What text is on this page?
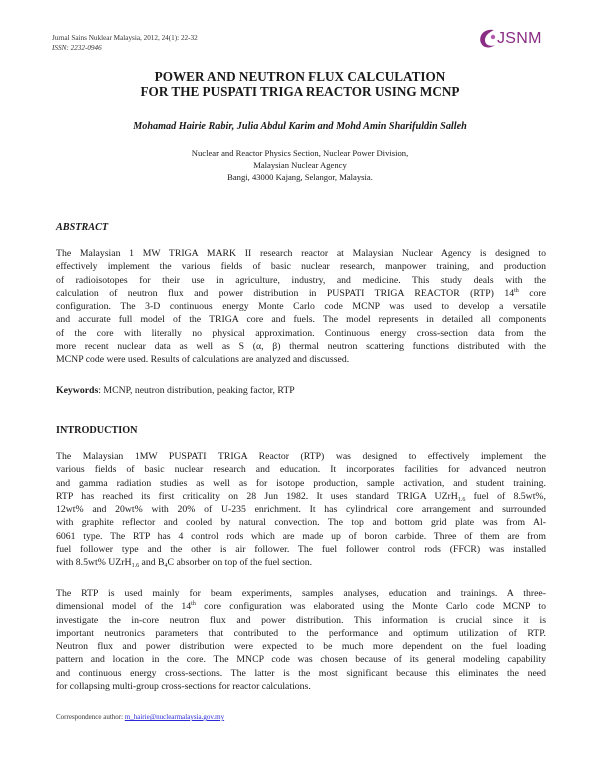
Jurnal Sains Nuklear Malaysia, 2012, 24(1): 22-32
ISSN: 2232-0946
JSNM
POWER AND NEUTRON FLUX CALCULATION
FOR THE PUSPATI TRIGA REACTOR USING MCNP
Mohamad Hairie Rabir, Julia Abdul Karim and Mohd Amin Sharifuldin Salleh
Nuclear and Reactor Physics Section, Nuclear Power Division,
Malaysian Nuclear Agency
Bangi, 43000 Kajang, Selangor, Malaysia.
ABSTRACT
The Malaysian 1 MW TRIGA MARK II research reactor at Malaysian Nuclear Agency is designed to
effectively implement the various fields of basic nuclear research, manpower training, and production
of radioisotopes for their use in agriculture, industry, and medicine. This study deals with the
calculation of neutron flux and power distribution in PUSPATI TRIGA REACTOR (RTP) 14th core
configuration. The 3-D continuous energy Monte Carlo code MCNP was used to develop a versatile
and accurate full model of the TRIGA core and fuels. The model represents in detailed all components
of the core with literally no physical approximation. Continuous energy cross-section data from the
more recent nuclear data as well as S (α, β) thermal neutron scattering functions distributed with the
MCNP code were used. Results of calculations are analyzed and discussed.
Keywords: MCNP, neutron distribution, peaking factor, RTP
INTRODUCTION
The Malaysian 1MW PUSPATI TRIGA Reactor (RTP) was designed to effectively implement the
various fields of basic nuclear research and education. It incorporates facilities for advanced neutron
and gamma radiation studies as well as for isotope production, sample activation, and student training.
RTP has reached its first criticality on 28 Jun 1982. It uses standard TRIGA UZrH$_{1.6}$ fuel of 8.5wt%,
12wt% and 20wt% with 20% of U-235 enrichment. It has cylindrical core arrangement and surrounded
with graphite reflector and cooled by natural convection. The top and bottom grid plate was from Al-
6061 type. The RTP has 4 control rods which are made up of boron carbide. Three of them are from
fuel follower type and the other is air follower. The fuel follower control rods (FFCR) was installed
with 8.5wt% UZrH$_{1.6}$ and $B_4C$ absorber on top of the fuel section.
The RTP is used mainly for beam experiments, samples analyses, education and trainings. A three-
dimensional model of the 14th core configuration was elaborated using the Monte Carlo code MCNP to
investigate the in-core neutron flux and power distribution. This information is crucial since it is
important neutronics parameters that contributed to the performance and optimum utilization of RTP.
Neutron flux and power distribution were expected to be much more dependent on the fuel loading
pattern and location in the core. The MNCP code was chosen because of its general modeling capability
and continuous energy cross-sections. The latter is the most significant because this eliminates the need
for collapsing multi-group cross-sections for reactor calculations.
Correspondence author: m_hairie@nuclearmalaysia.gov.my
